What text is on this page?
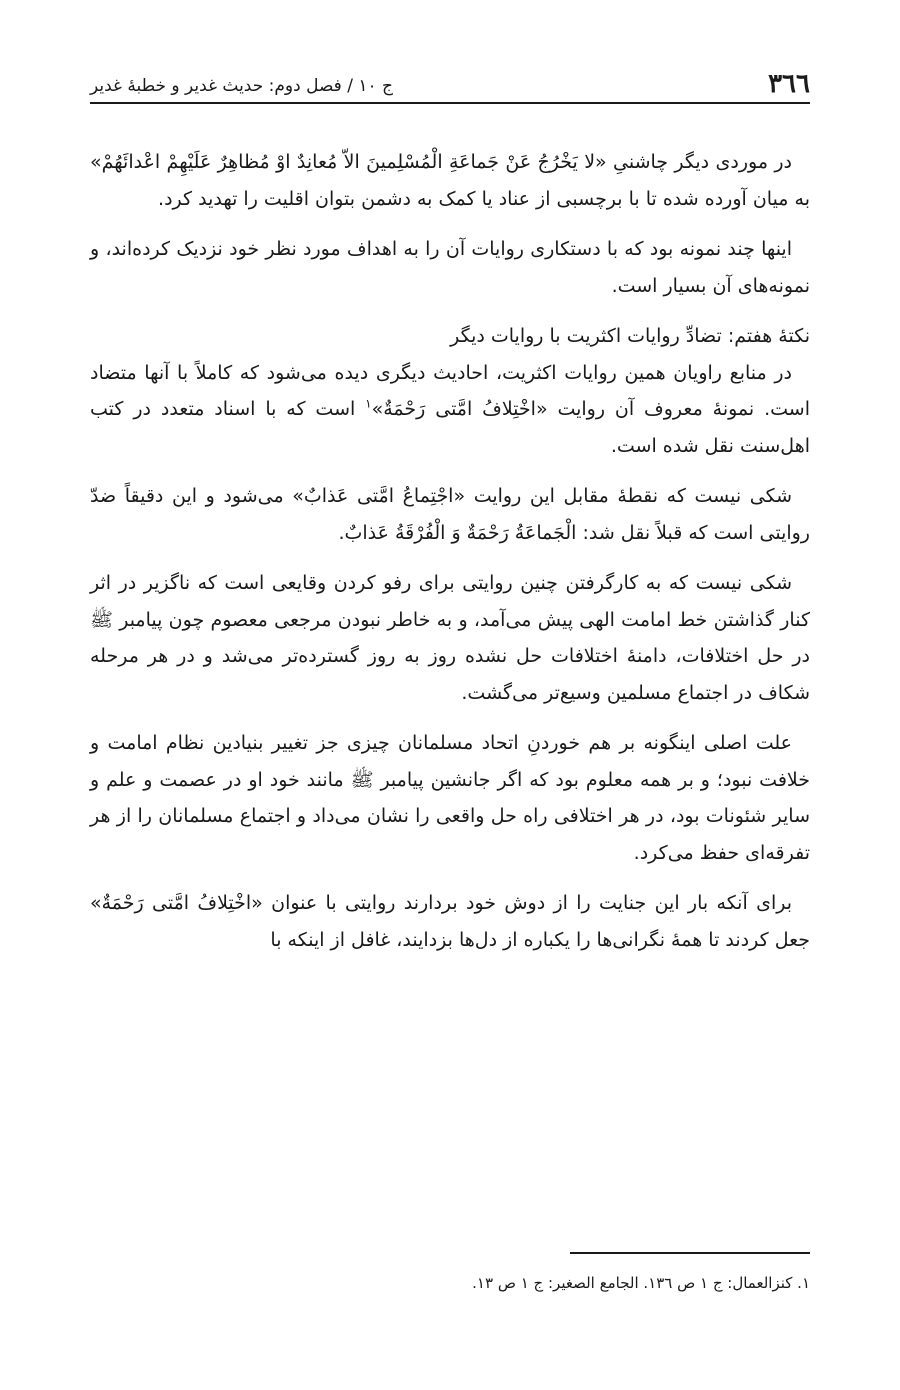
٣٦٦
ج ١٠ / فصل دوم: حديث غدير و خطبهٔ غدير

در موردی ديگر چاشنیِ «لا يَخْرُجُ عَنْ جَماعَةِ الْمُسْلِمينَ الاّ مُعانِدٌ اوْ مُظاهِرٌ عَلَيْهِمْ اعْدائَهُمْ» به ميان آورده شده تا با برچسبی از عناد يا کمک به دشمن بتوان اقليت را تهديد کرد.

اينها چند نمونه بود که با دستکاری روايات آن را به اهداف مورد نظر خود نزديک کرده‌اند، و نمونه‌های آن بسيار است.

نکتهٔ هفتم: تضادِّ روايات اکثريت با روايات ديگر

در منابع راويان همين روايات اکثريت، احاديث ديگری ديده می‌شود که کاملاً با آنها متضاد است. نمونهٔ معروف آن روايت «اخْتِلافُ امَّتی رَحْمَةٌ»$^١$ است که با اسناد متعدد در کتب اهل‌سنت نقل شده است.

شکی نيست که نقطهٔ مقابل اين روايت «اجْتِماعُ امَّتی عَذابٌ» می‌شود و اين دقيقاً ضدّ روايتی است که قبلاً نقل شد: الْجَماعَةُ رَحْمَةٌ وَ الْفُرْقَةُ عَذابٌ.

شکی نيست که به کارگرفتن چنين روايتی برای رفو کردن وقايعی است که ناگزير در اثر کنار گذاشتن خط امامت الهی پيش می‌آمد، و به خاطر نبودن مرجعی معصوم چون پيامبر ﷺ در حل اختلافات، دامنهٔ اختلافات حل نشده روز به روز گسترده‌تر می‌شد و در هر مرحله شکاف در اجتماع مسلمين وسيع‌تر می‌گشت.

علت اصلی اينگونه بر هم خوردنِ اتحاد مسلمانان چيزی جز تغيير بنيادين نظام امامت و خلافت نبود؛ و بر همه معلوم بود که اگر جانشين پيامبر ﷺ مانند خود او در عصمت و علم و ساير شئونات بود، در هر اختلافی راه حل واقعی را نشان می‌داد و اجتماع مسلمانان را از هر تفرقه‌ای حفظ می‌کرد.

برای آنکه بار اين جنايت را از دوش خود بردارند روايتی با عنوان «اخْتِلافُ امَّتی رَحْمَةٌ» جعل کردند تا همهٔ نگرانی‌ها را يکباره از دل‌ها بزدايند، غافل از اينکه با

١. کنزالعمال: ج ١ ص ١٣٦. الجامع الصغير: ج ١ ص ١٣.
